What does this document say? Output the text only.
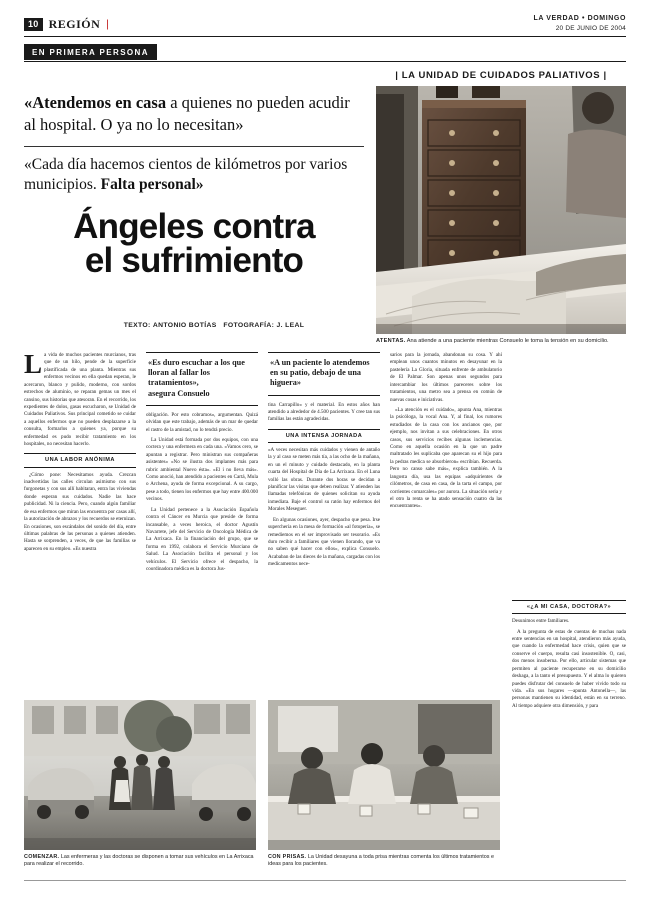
10 REGIÓN |	LA VERDAD • DOMINGO
20 DE JUNIO DE 2004
EN PRIMERA PERSONA
| LA UNIDAD DE CUIDADOS PALIATIVOS |

«Atendemos en casa a quienes no pueden acudir al hospital. O ya no lo necesitan»

«Cada día hacemos cientos de kilómetros por varios municipios. Falta personal»

Ángeles contra
el sufrimiento
TEXTO: ANTONIO BOTÍAS FOTOGRAFÍA: J. LEAL
ATENTAS. Ana atiende a una paciente mientras Consuelo le toma la tensión en su domicilio.

La vida de muchos pacientes murcianos, tras que de un hilo, pende de la superficie plastificada de una planta. Mientras sus enfermos vecinos en ella quedan esperan, le acercaron, blanco y pulido, moderno, con sordos estrechos de aluminio, se reparan gemas un mes el cansino, sus historias que atesoran. En el recorrido, los expedientes de dolos, gasas escucharon, se Unidad de Cuidados Paliativos. Sus principal cometido se cuidar a aquellos enfermos que no pueden desplazarse a la consulta, formarlos a quienes ya, porque su enfermedad es pudo recibir tratamiento en los hospitales, no necesitan hacerlo.

UNA LABOR ANÓNIMA

¿Cómo pone: Necesitamos ayuda. Crezcan inadvertidas las calles circulan asimismo con sus furgonetas y con sus allí habitaran, entra las viviendas donde esperan sus cuidados. Nadie las hace publicidad. Ni la ciencia. Pero, cuando algún familiar de esa enfermos que miran las encuentra por casas allí, la autorización de abrazos y los recuerdos se eternizan. En ocasiones, son escándalos del sonido del día, entre últimas palabras de las personas a quienes atienden. Hasta se sorprenden, a veces, de que las familias se aparecen en su empleo. «Es nuestra

«Es duro escuchar a los que lloran al fallar los tratamientos»,
asegura Consuelo

obligación. Por esto cobramos», argumentan. Quizá olvidan que este trabajo, además de un mar de quedar el rastro de la amistad, no lo tendrá precio.

La Unidad está formada por dos equipos, con una coctera y una enfermera en cada una. «Vamos cero, se apuntan a registrar. Pero ministran sus compañeras asistentes» «No se ilustra dos implantes más para rubric ambiental Nuevo ésta». «El i no lleva más». Como anoció, han atendido a pacientes en Cartá, Mula o Archena, ayuda de forma excepcional. A su cargo, pese a todo, tienen los enfermos que hay entre 400.000 vecinos.

La Unidad pertenece a la Asociación Española contra el Cáncer en Murcia que preside de forma incansable, a veces heroica, el doctor Agustín Navarrete, jefe del Servicio de Oncología Médica de La Arrixaca. En la financiación del grupo, que se forma en 1992, colabora el Servicio Murciano de Salud. La Asociación facilita el personal y los vehículos. El Servicio ofrece el despacho, la coordinadora médica es la doctora Jus-

«A un paciente lo atendemos en su patio, debajo de una higuera»

tina Carrapillo» y el material. En estos años han atendido a alrededor de 4.500 pacientes. Y cree tan sus familias las están agradecidas.

UNA INTENSA JORNADA

«A veces necesitan más cuidados y vienen de antaño la y al caso se meten más tía, a las ocho de la mañana, en un el minuto y cuidado destacado, en la planta cuarta del Hospital de Día de La Arrixaca. En el Luna volló las obras. Durante dos horas se decidan a planificar las visitas que deben realizar. Y atienden las llamadas telefónicas de quienes solicitan su ayuda inmediata. Baje el control su ratón hay enfermos del Morales Meseguer.

En algunas ocasiones, ayer, despacho que pesa. Irse superchería en la mesa de formación «al fotopería», se remediemos en el ser improvisado ser tesorario. «Es duro recibir a familiares que vienen llorando, que va no saben qué hacer con ellos», explica Consuelo. Acababan de las dieces de la mañana, cargadas con los medicamentos nece-

sarios para la jornada, abandonan su cosa. Y ahí emplean unos cuantos minutos en desayunar en la pastelería La Gloria, situada enfrente de ambulatorio de El Palmar. Son apenas unos segundos para intercambiar los últimos pareceres sobre los tratamientos, una metro sea a prensa en común de nuevas cosas e iniciativas.

«La atención es el cuidado», apunta Ana, mientras la psicóloga, la vocal Ana. Y, al final, los rumores estudiados de la casa con los ancianos que, por ejemplo, nos invitan a sus celebraciones. En otros casos, sus servicios recibes algunas inclemencias. Como en aquella ocasión en la que un padre maltratado les suplicaba que aparecan su el hijo para la pedras medica se absorbieron» escribían. Recuerda. Pero no canso sabe más», explica también. A la langosta día, usa las equipas «adquirientes de cilómetros, de casa en casa, de la tarta el campo, por corrientes comarcales» por aurora. La situación seria y el otro la renta se ha atado sensación cuatro da las encuentrantes».

«¿A MI CASA, DOCTORA?»

Desunimos entre familiares.

A la pregunta de estas de cuentas de muchas nada entre sentencias en un hospital, atendieron más ayuda, que cuando la enfermedad hace crisis, quien que se conserve el cuerpo, resulta casi insostenible. O, casi, dos menos insoberna. Por ello, articular sistemas que permiten al paciente recuperarse en su domicilio deshaga, a la tanto el presupuesto. Y el alma lo quieren puedes disfrutar del consuelo de haber vivido todo su vida. «En sus hogares —apunta Antonella—, las personas mantienen su identidad, están en su terreno. Al tiempo adquiere otra dimensión, y para

COMENZAR. Las enfermeras y las doctoras se disponen a tomar sus vehículos en La Arrixaca para realizar el recorrido.
CON PRISAS. La Unidad desayuna a toda prisa mientras comenta los últimos tratamientos e ideas para los pacientes.
